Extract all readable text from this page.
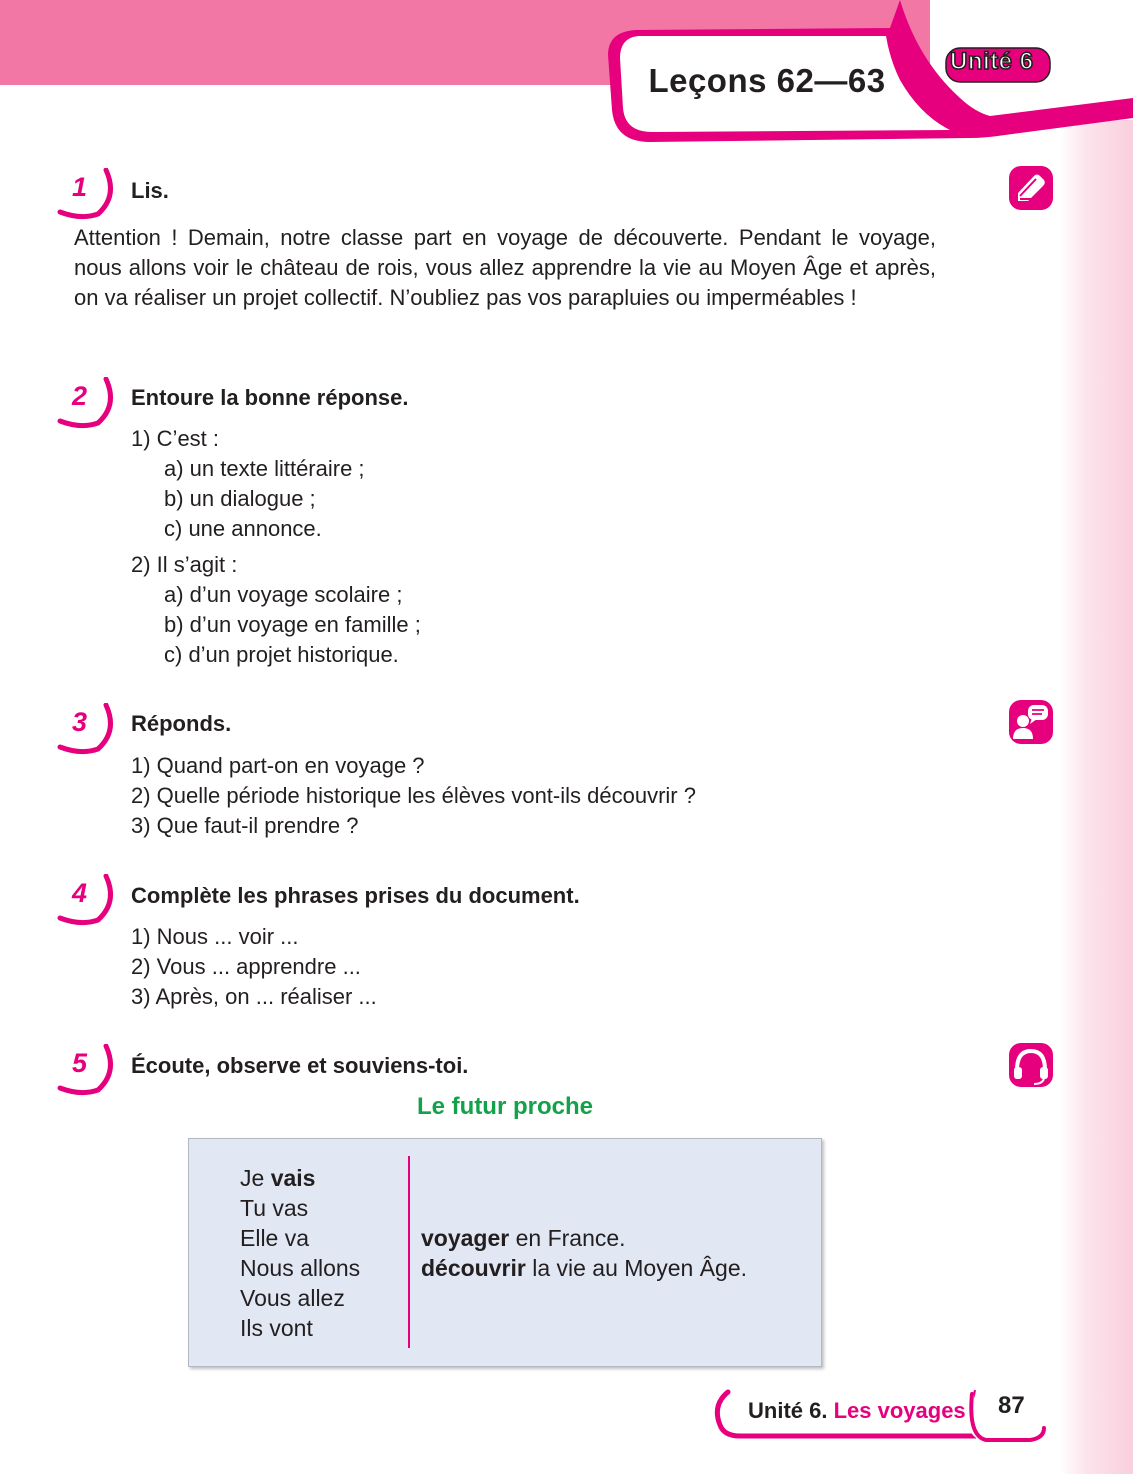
Leçons 62—63
Unité 6
1 Lis.

Attention ! Demain, notre classe part en voyage de découverte. Pendant le voyage, nous allons voir le château de rois, vous allez apprendre la vie au Moyen Âge et après, on va réaliser un projet collectif. N’oubliez pas vos parapluies ou imperméables !

2 Entoure la bonne réponse.
1) C’est :
a) un texte littéraire ;
b) un dialogue ;
c) une annonce.
2) Il s’agit :
a) d’un voyage scolaire ;
b) d’un voyage en famille ;
c) d’un projet historique.
3 Réponds.
1) Quand part-on en voyage ?
2) Quelle période historique les élèves vont-ils découvrir ?
3) Que faut-il prendre ?
4 Complète les phrases prises du document.
1) Nous ... voir ...
2) Vous ... apprendre ...
3) Après, on ... réaliser ...
5 Écoute, observe et souviens-toi.
Le futur proche
Je vais
Tu vas
Elle va
Nous allons
Vous allez
Ils vont
voyager en France.
découvrir la vie au Moyen Âge.
Unité 6. Les voyages 87
